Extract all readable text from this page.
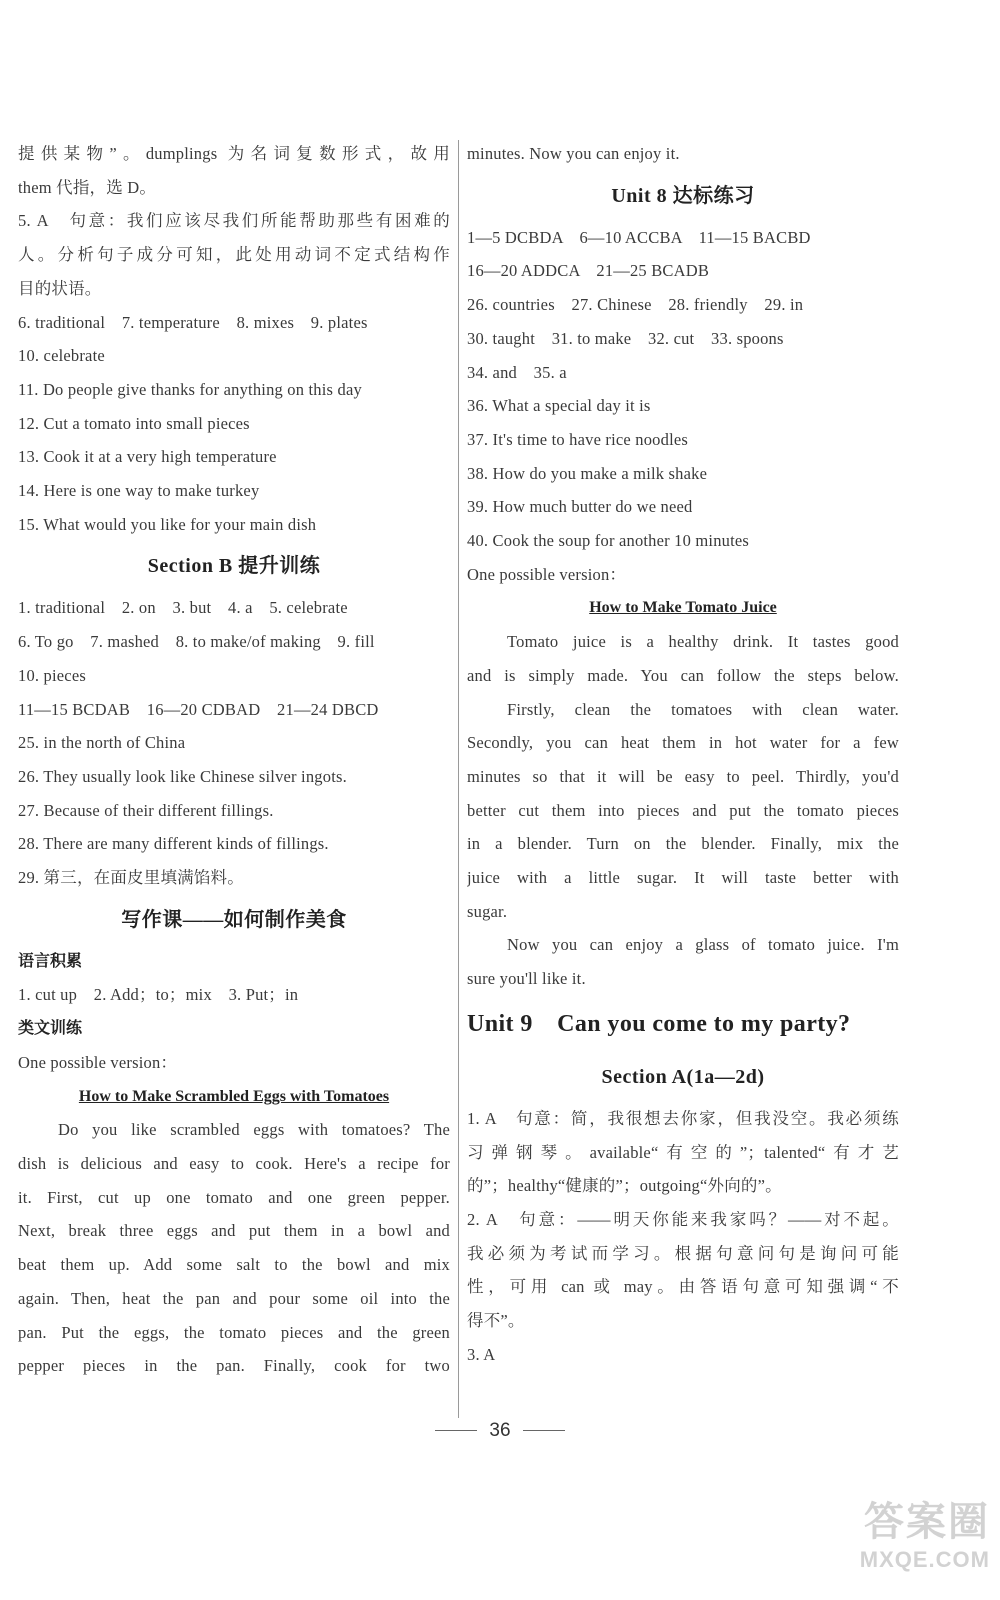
提供某物”。dumplings 为名词复数形式，故用
them 代指，选 D。
5. A　句意：我们应该尽我们所能帮助那些有困难的
人。分析句子成分可知，此处用动词不定式结构作
目的状语。
6. traditional　7. temperature　8. mixes　9. plates
10. celebrate
11. Do people give thanks for anything on this day
12. Cut a tomato into small pieces
13. Cook it at a very high temperature
14. Here is one way to make turkey
15. What would you like for your main dish
Section B 提升训练
1. traditional　2. on　3. but　4. a　5. celebrate
6. To go　7. mashed　8. to make/of making　9. fill
10. pieces
11—15 BCDAB　16—20 CDBAD　21—24 DBCD
25. in the north of China
26. They usually look like Chinese silver ingots.
27. Because of their different fillings.
28. There are many different kinds of fillings.
29. 第三，在面皮里填满馅料。
写作课——如何制作美食
语言积累
1. cut up　2. Add；to；mix　3. Put；in
类文训练
One possible version：
How to Make Scrambled Eggs with Tomatoes
Do you like scrambled eggs with tomatoes? The
dish is delicious and easy to cook. Here's a recipe for
it. First, cut up one tomato and one green pepper.
Next, break three eggs and put them in a bowl and
beat them up. Add some salt to the bowl and mix
again. Then, heat the pan and pour some oil into the
pan. Put the eggs, the tomato pieces and the green
pepper pieces in the pan. Finally, cook for two
minutes. Now you can enjoy it.
Unit 8 达标练习
1—5 DCBDA　6—10 ACCBA　11—15 BACBD
16—20 ADDCA　21—25 BCADB
26. countries　27. Chinese　28. friendly　29. in
30. taught　31. to make　32. cut　33. spoons
34. and　35. a
36. What a special day it is
37. It's time to have rice noodles
38. How do you make a milk shake
39. How much butter do we need
40. Cook the soup for another 10 minutes
One possible version：
How to Make Tomato Juice
Tomato juice is a healthy drink. It tastes good
and is simply made. You can follow the steps below.
Firstly, clean the tomatoes with clean water.
Secondly, you can heat them in hot water for a few
minutes so that it will be easy to peel. Thirdly, you'd
better cut them into pieces and put the tomato pieces
in a blender. Turn on the blender. Finally, mix the
juice with a little sugar. It will taste better with
sugar.
Now you can enjoy a glass of tomato juice. I'm
sure you'll like it.
Unit 9　Can you come to my party?
Section A(1a—2d)
1. A　句意：简，我很想去你家，但我没空。我必须练
习弹钢琴。available“有空的”；talented“有才艺
的”；healthy“健康的”；outgoing“外向的”。
2. A　句意：——明天你能来我家吗？——对不起。
我必须为考试而学习。根据句意问句是询问可能
性，可用 can 或 may。由答语句意可知强调“不
得不”。
3. A
36
答案圈
MXQE.COM
